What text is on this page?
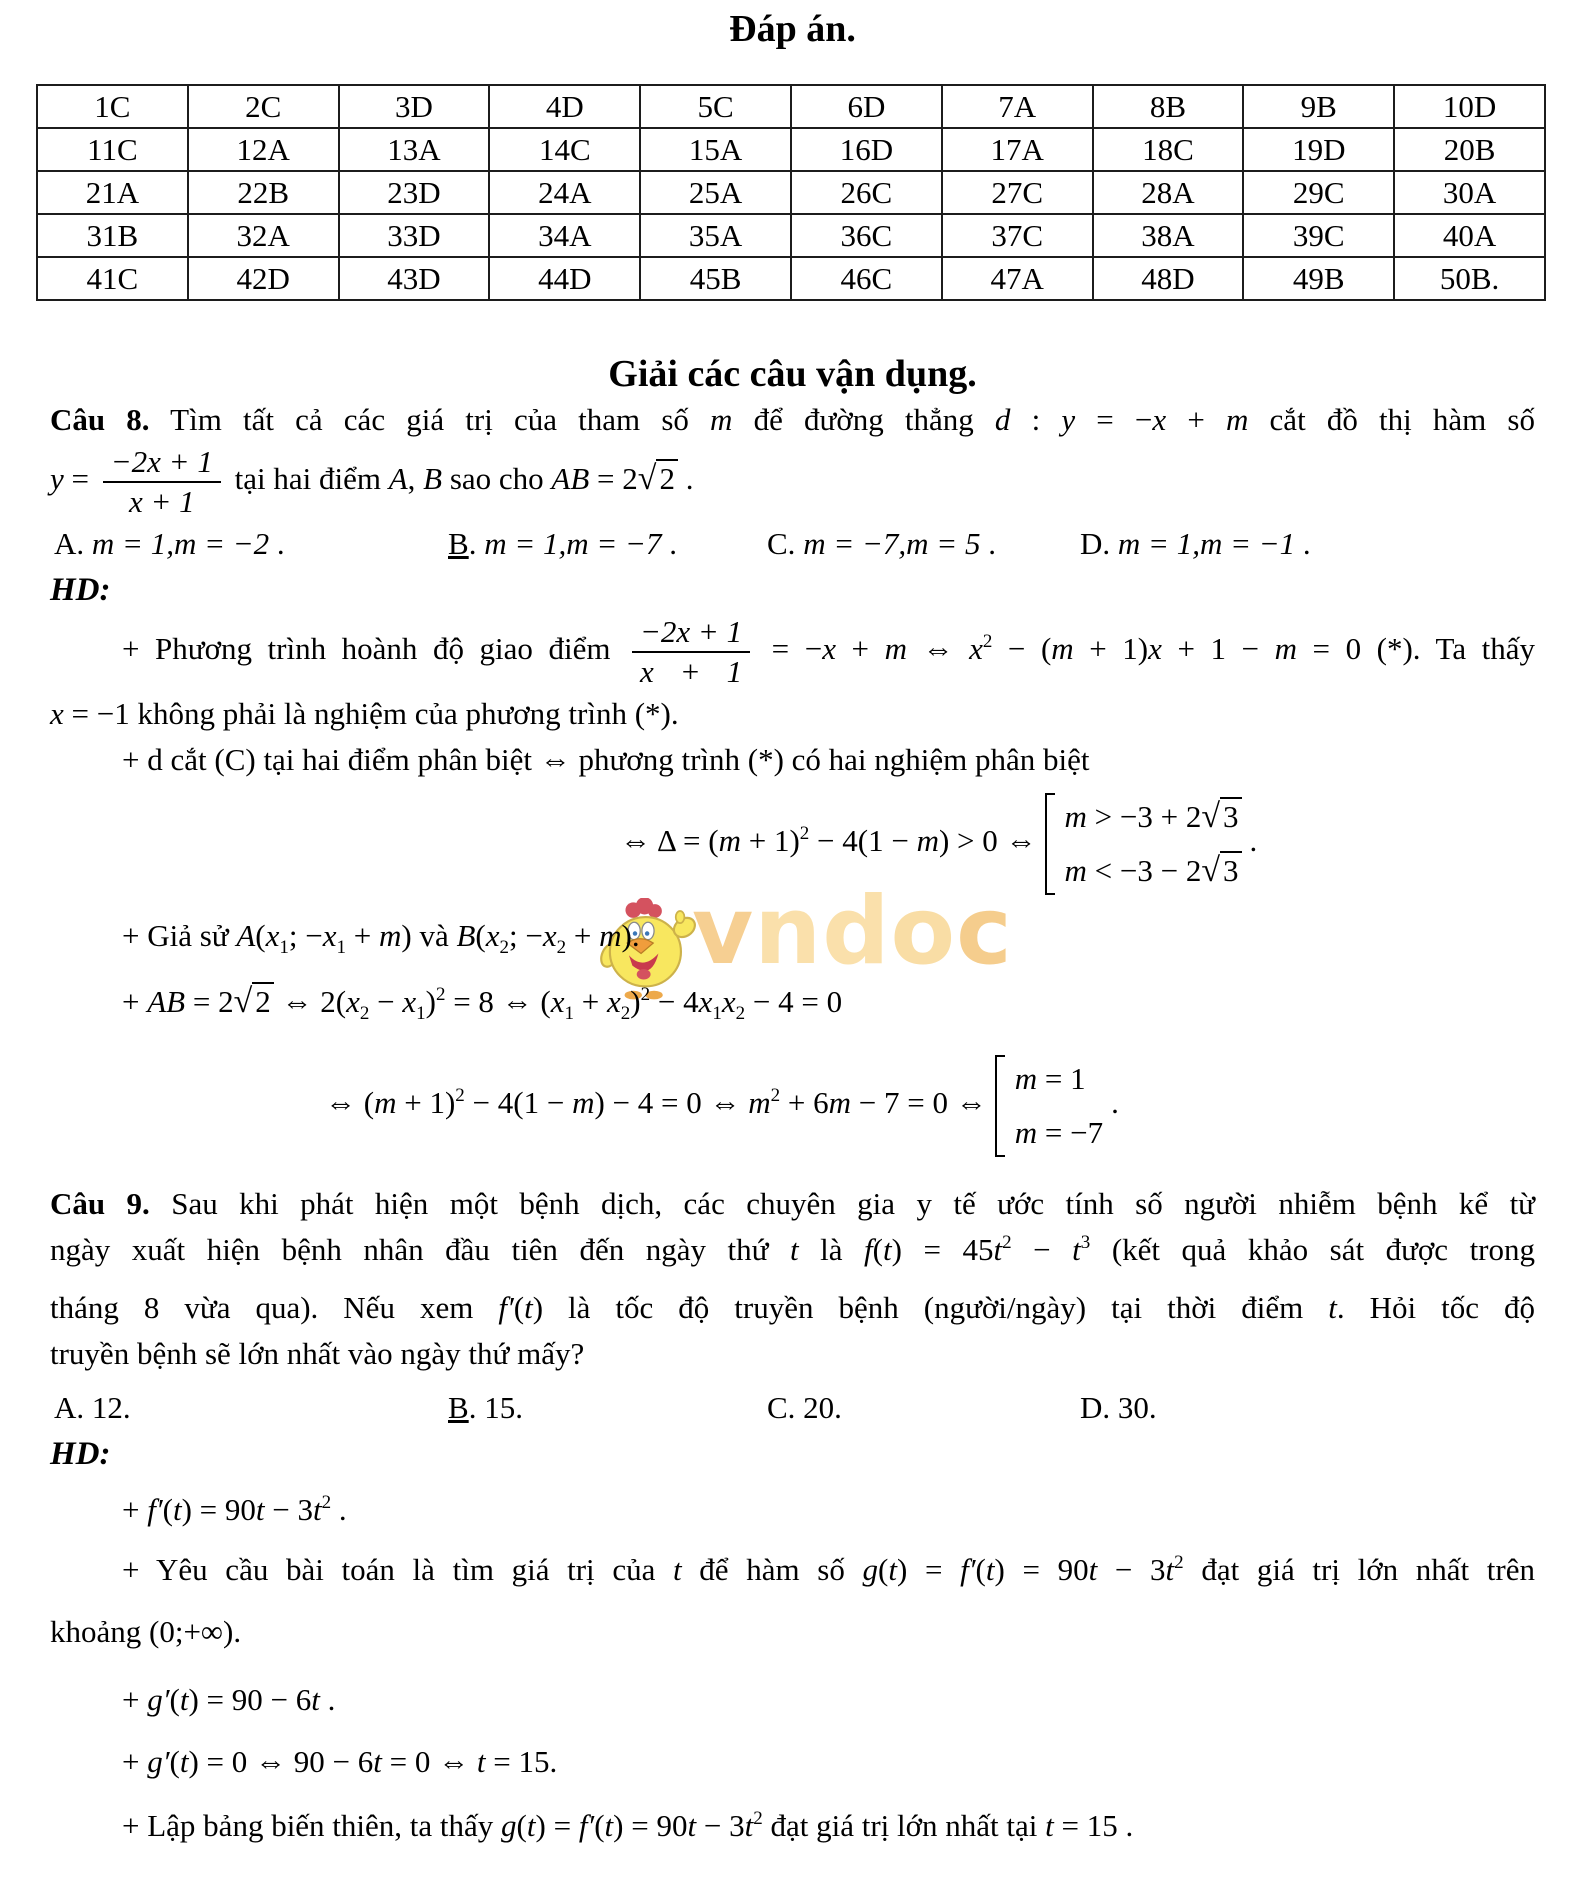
vndoc
Đáp án.
1C	2C	3D	4D	5C	6D	7A	8B	9B	10D
11C	12A	13A	14C	15A	16D	17A	18C	19D	20B
21A	22B	23D	24A	25A	26C	27C	28A	29C	30A
31B	32A	33D	34A	35A	36C	37C	38A	39C	40A
41C	42D	43D	44D	45B	46C	47A	48D	49B	50B.
Giải các câu vận dụng.
Câu 8. Tìm tất cả các giá trị của tham số m để đường thẳng d : y = −x + m cắt đồ thị hàm số
$y = \frac{-2x + 1}{x + 1}$ tại hai điểm A, B sao cho AB = 2√2 .
A. m = 1,m = −2 .	B. m = 1,m = −7 .	C. m = −7,m = 5 .	D. m = 1,m = −1 .
HD:
+ Phương trình hoành độ giao điểm $\frac{-2x + 1}{x + 1} = -x + m$ ⇔ $x^2 - (m + 1)x + 1 - m = 0$ (*). Ta thấy
x = −1 không phải là nghiệm của phương trình (*).
+ d cắt (C) tại hai điểm phân biệt ⇔ phương trình (*) có hai nghiệm phân biệt
⇔ $\Delta = (m + 1)^2 - 4(1 - m) > 0$ ⇔
m > −3 + 2√3
m < −3 − 2√3
.
+ Giả sử $A(x_1$; $-x_1 + m$) và $B(x_2$; $-x_2 + m$).
+ AB = 2√2 ⇔ $2(x_2 - x_1)^2 = 8$ ⇔ $(x_1 + x_2)^2 - 4x_1x_2 - 4 = 0$
⇔ $(m + 1)^2 - 4(1 - m) - 4 = 0$ ⇔ $m^2 + 6m - 7 = 0$ ⇔
m = 1
m = −7
.
Câu 9. Sau khi phát hiện một bệnh dịch, các chuyên gia y tế ước tính số người nhiễm bệnh kể từ
ngày xuất hiện bệnh nhân đầu tiên đến ngày thứ t là $f(t) = 45t^2 - t^3$ (kết quả khảo sát được trong
tháng 8 vừa qua). Nếu xem f′(t) là tốc độ truyền bệnh (người/ngày) tại thời điểm t. Hỏi tốc độ
truyền bệnh sẽ lớn nhất vào ngày thứ mấy?
A. 12.	B. 15.	C. 20.	D. 30.
HD:
+ $f'(t) = 90t - 3t^2$ .
+ Yêu cầu bài toán là tìm giá trị của t để hàm số $g(t) = f'(t) = 90t - 3t^2$ đạt giá trị lớn nhất trên
khoảng (0;+∞).
+ g′(t) = 90 − 6t .
+ g′(t) = 0 ⇔ 90 − 6t = 0 ⇔ t = 15.
+ Lập bảng biến thiên, ta thấy $g(t) = f'(t) = 90t - 3t^2$ đạt giá trị lớn nhất tại t = 15 .
